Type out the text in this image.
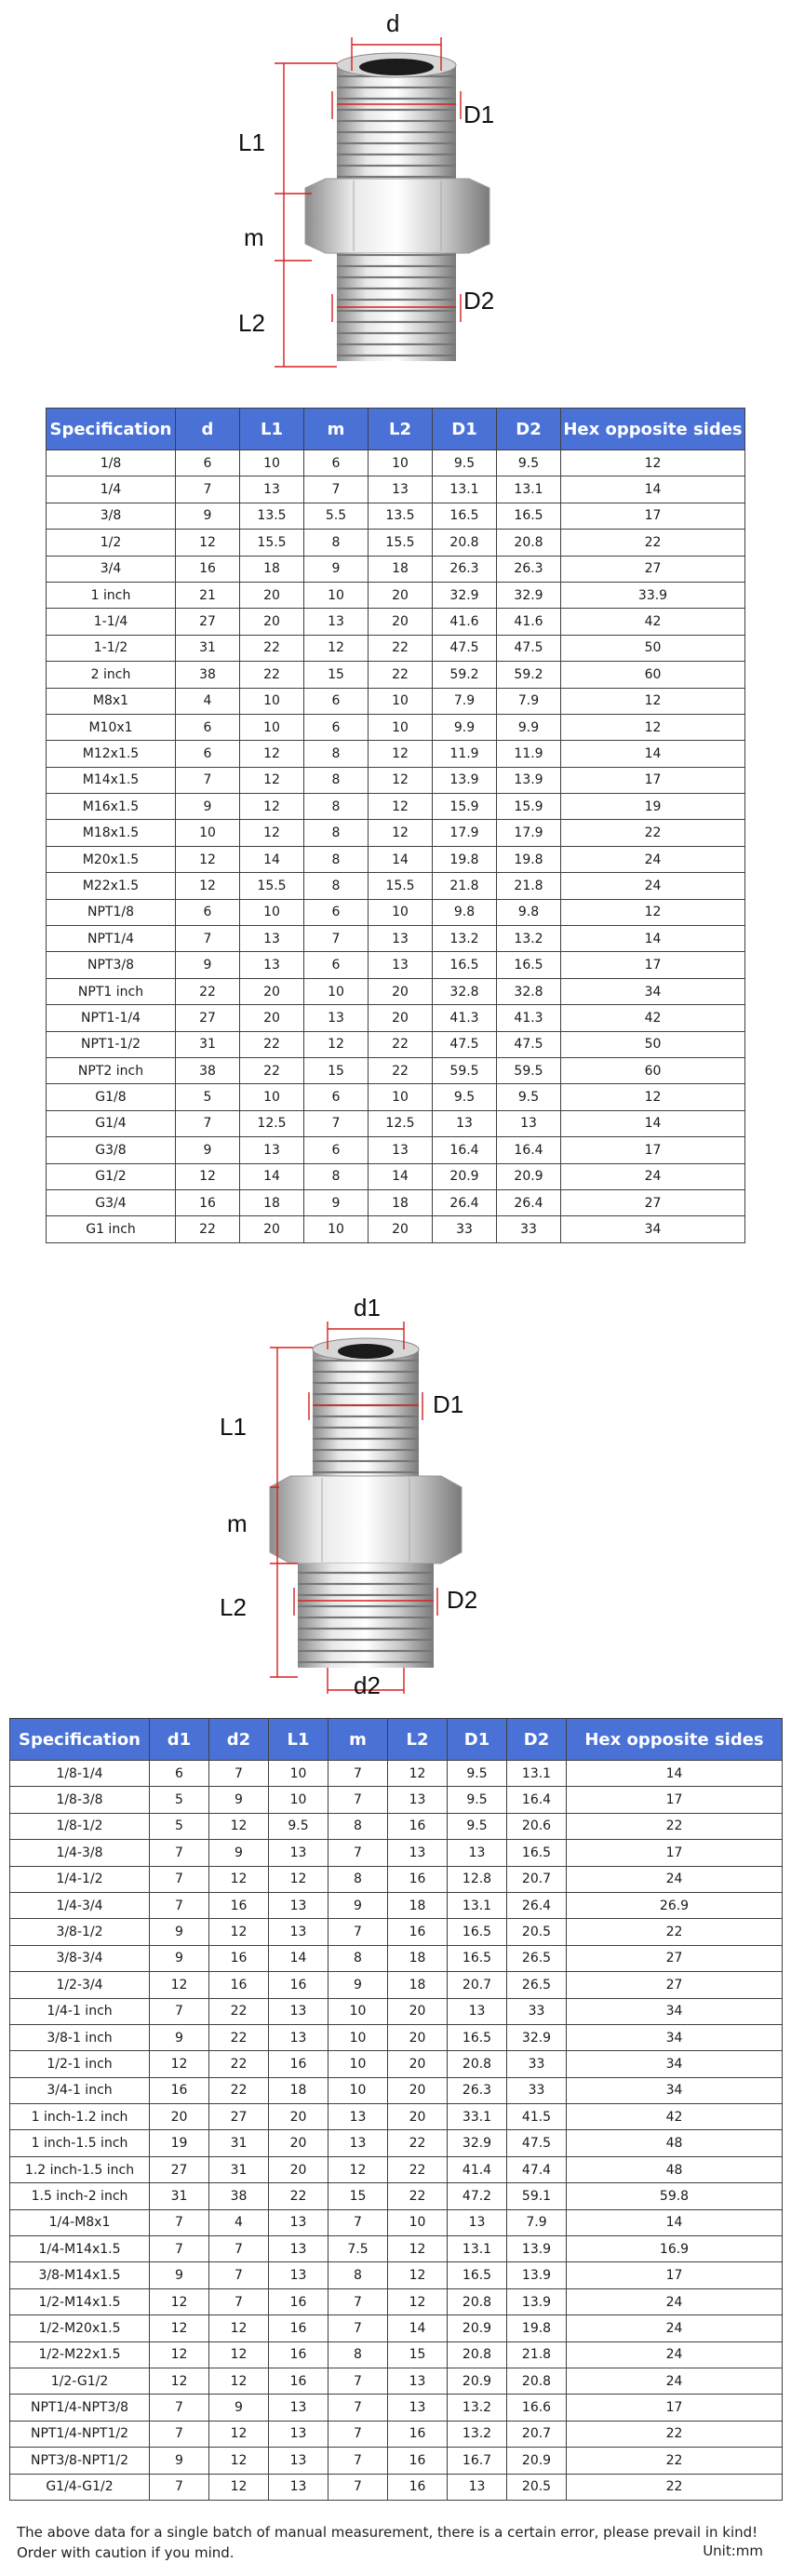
d
D1
L1
m
L2
D2
Specification	d	L1	m	L2	D1	D2	Hex opposite sides
1/8	6	10	6	10	9.5	9.5	12
1/4	7	13	7	13	13.1	13.1	14
3/8	9	13.5	5.5	13.5	16.5	16.5	17
1/2	12	15.5	8	15.5	20.8	20.8	22
3/4	16	18	9	18	26.3	26.3	27
1 inch	21	20	10	20	32.9	32.9	33.9
1-1/4	27	20	13	20	41.6	41.6	42
1-1/2	31	22	12	22	47.5	47.5	50
2 inch	38	22	15	22	59.2	59.2	60
M8x1	4	10	6	10	7.9	7.9	12
M10x1	6	10	6	10	9.9	9.9	12
M12x1.5	6	12	8	12	11.9	11.9	14
M14x1.5	7	12	8	12	13.9	13.9	17
M16x1.5	9	12	8	12	15.9	15.9	19
M18x1.5	10	12	8	12	17.9	17.9	22
M20x1.5	12	14	8	14	19.8	19.8	24
M22x1.5	12	15.5	8	15.5	21.8	21.8	24
NPT1/8	6	10	6	10	9.8	9.8	12
NPT1/4	7	13	7	13	13.2	13.2	14
NPT3/8	9	13	6	13	16.5	16.5	17
NPT1 inch	22	20	10	20	32.8	32.8	34
NPT1-1/4	27	20	13	20	41.3	41.3	42
NPT1-1/2	31	22	12	22	47.5	47.5	50
NPT2 inch	38	22	15	22	59.5	59.5	60
G1/8	5	10	6	10	9.5	9.5	12
G1/4	7	12.5	7	12.5	13	13	14
G3/8	9	13	6	13	16.4	16.4	17
G1/2	12	14	8	14	20.9	20.9	24
G3/4	16	18	9	18	26.4	26.4	27
G1 inch	22	20	10	20	33	33	34
d1
D1
L1
m
L2	D2
d2
Specification	d1	d2	L1	m	L2	D1	D2	Hex opposite sides
1/8-1/4	6	7	10	7	12	9.5	13.1	14
1/8-3/8	5	9	10	7	13	9.5	16.4	17
1/8-1/2	5	12	9.5	8	16	9.5	20.6	22
1/4-3/8	7	9	13	7	13	13	16.5	17
1/4-1/2	7	12	12	8	16	12.8	20.7	24
1/4-3/4	7	16	13	9	18	13.1	26.4	26.9
3/8-1/2	9	12	13	7	16	16.5	20.5	22
3/8-3/4	9	16	14	8	18	16.5	26.5	27
1/2-3/4	12	16	16	9	18	20.7	26.5	27
1/4-1 inch	7	22	13	10	20	13	33	34
3/8-1 inch	9	22	13	10	20	16.5	32.9	34
1/2-1 inch	12	22	16	10	20	20.8	33	34
3/4-1 inch	16	22	18	10	20	26.3	33	34
1 inch-1.2 inch	20	27	20	13	20	33.1	41.5	42
1 inch-1.5 inch	19	31	20	13	22	32.9	47.5	48
1.2 inch-1.5 inch	27	31	20	12	22	41.4	47.4	48
1.5 inch-2 inch	31	38	22	15	22	47.2	59.1	59.8
1/4-M8x1	7	4	13	7	10	13	7.9	14
1/4-M14x1.5	7	7	13	7.5	12	13.1	13.9	16.9
3/8-M14x1.5	9	7	13	8	12	16.5	13.9	17
1/2-M14x1.5	12	7	16	7	12	20.8	13.9	24
1/2-M20x1.5	12	12	16	7	14	20.9	19.8	24
1/2-M22x1.5	12	12	16	8	15	20.8	21.8	24
1/2-G1/2	12	12	16	7	13	20.9	20.8	24
NPT1/4-NPT3/8	7	9	13	7	13	13.2	16.6	17
NPT1/4-NPT1/2	7	12	13	7	16	13.2	20.7	22
NPT3/8-NPT1/2	9	12	13	7	16	16.7	20.9	22
G1/4-G1/2	7	12	13	7	16	13	20.5	22
The above data for a single batch of manual measurement, there is a certain error, please prevail in kind! Order with caution if you mind.	Unit:mm
